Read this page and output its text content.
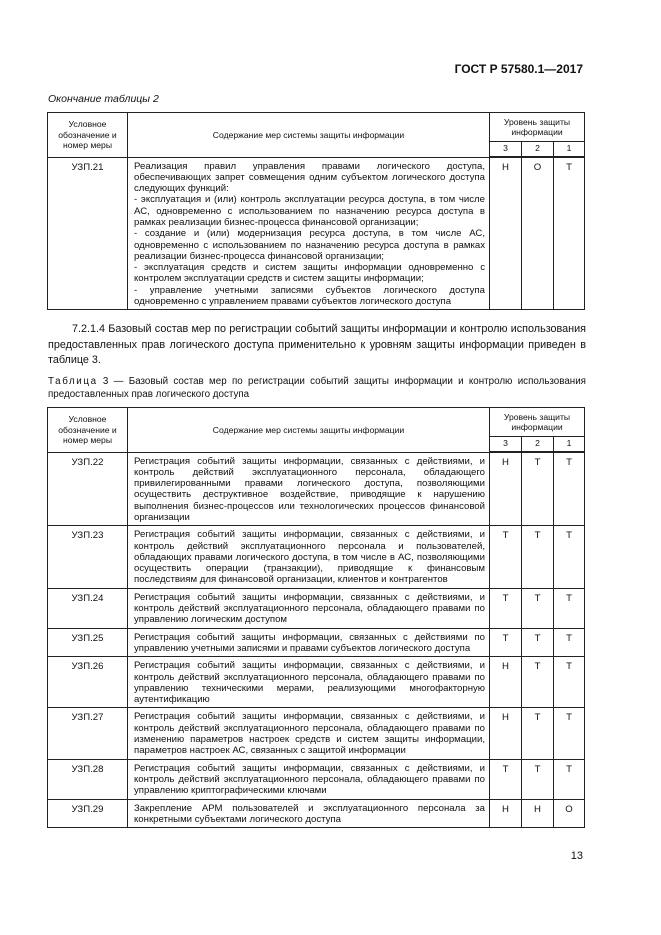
ГОСТ Р 57580.1—2017
Окончание таблицы 2
Условное обозначение и номер меры	Содержание мер системы защиты информации	Уровень защиты информации		
		3	2	1
УЗП.21	Реализация правил управления правами логического доступа, обеспечивающих запрет совмещения одним субъектом логического доступа следующих функций:
- эксплуатация и (или) контроль эксплуатации ресурса доступа, в том числе АС, одновременно с использованием по назначению ресурса доступа в рамках реализации бизнес-процесса финансовой организации;
- создание и (или) модернизация ресурса доступа, в том числе АС, одновременно с использованием по назначению ресурса доступа в рамках реализации бизнес-процесса финансовой организации;
- эксплуатация средств и систем защиты информации одновременно с контролем эксплуатации средств и систем защиты информации;
- управление учетными записями субъектов логического доступа одновременно с управлением правами субъектов логического доступа	Н	О	Т
7.2.1.4 Базовый состав мер по регистрации событий защиты информации и контролю использования предоставленных прав логического доступа применительно к уровням защиты информации приведен в таблице 3.
Таблица 3 — Базовый состав мер по регистрации событий защиты информации и контролю использования предоставленных прав логического доступа
Условное обозначение и номер меры	Содержание мер системы защиты информации	Уровень защиты информации		
		3	2	1
УЗП.22	Регистрация событий защиты информации, связанных с действиями, и контроль действий эксплуатационного персонала, обладающего привилегированными правами логического доступа, позволяющими осуществить деструктивное воздействие, приводящие к нарушению выполнения бизнес-процессов или технологических процессов финансовой организации	Н	Т	Т
УЗП.23	Регистрация событий защиты информации, связанных с действиями, и контроль действий эксплуатационного персонала и пользователей, обладающих правами логического доступа, в том числе в АС, позволяющими осуществить операции (транзакции), приводящие к финансовым последствиям для финансовой организации, клиентов и контрагентов	Т	Т	Т
УЗП.24	Регистрация событий защиты информации, связанных с действиями, и контроль действий эксплуатационного персонала, обладающего правами по управлению логическим доступом	Т	Т	Т
УЗП.25	Регистрация событий защиты информации, связанных с действиями по управлению учетными записями и правами субъектов логического доступа	Т	Т	Т
УЗП.26	Регистрация событий защиты информации, связанных с действиями, и контроль действий эксплуатационного персонала, обладающего правами по управлению техническими мерами, реализующими многофакторную аутентификацию	Н	Т	Т
УЗП.27	Регистрация событий защиты информации, связанных с действиями, и контроль действий эксплуатационного персонала, обладающего правами по изменению параметров настроек средств и систем защиты информации, параметров настроек АС, связанных с защитой информации	Н	Т	Т
УЗП.28	Регистрация событий защиты информации, связанных с действиями, и контроль действий эксплуатационного персонала, обладающего правами по управлению криптографическими ключами	Т	Т	Т
УЗП.29	Закрепление АРМ пользователей и эксплуатационного персонала за конкретными субъектами логического доступа	Н	Н	О
13
